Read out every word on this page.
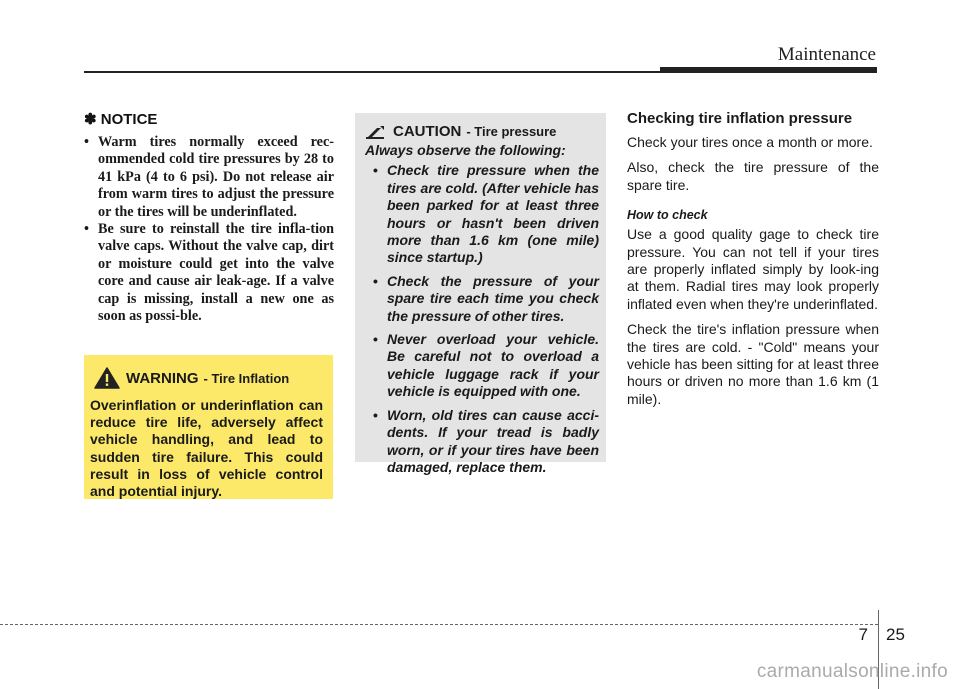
Maintenance
✽ NOTICE
• Warm tires normally exceed rec-ommended cold tire pressures by 28 to 41 kPa (4 to 6 psi). Do not release air from warm tires to adjust the pressure or the tires will be underinflated.
• Be sure to reinstall the tire infla-tion valve caps. Without the valve cap, dirt or moisture could get into the valve core and cause air leak-age. If a valve cap is missing, install a new one as soon as possi-ble.
WARNING - Tire Inflation

Overinflation or underinflation can reduce tire life, adversely affect vehicle handling, and lead to sudden tire failure. This could result in loss of vehicle control and potential injury.

CAUTION - Tire pressure

Always observe the following:

• Check tire pressure when the tires are cold. (After vehicle has been parked for at least three hours or hasn't been driven more than 1.6 km (one mile) since startup.)
• Check the pressure of your spare tire each time you check the pressure of other tires.
• Never overload your vehicle. Be careful not to overload a vehicle luggage rack if your vehicle is equipped with one.
• Worn, old tires can cause acci-dents. If your tread is badly worn, or if your tires have been damaged, replace them.
Checking tire inflation pressure

Check your tires once a month or more.

Also, check the tire pressure of the spare tire.

How to check

Use a good quality gage to check tire pressure. You can not tell if your tires are properly inflated simply by look-ing at them. Radial tires may look properly inflated even when they're underinflated.

Check the tire's inflation pressure when the tires are cold. - "Cold" means your vehicle has been sitting for at least three hours or driven no more than 1.6 km (1 mile).

7 25
carmanualsonline.info
